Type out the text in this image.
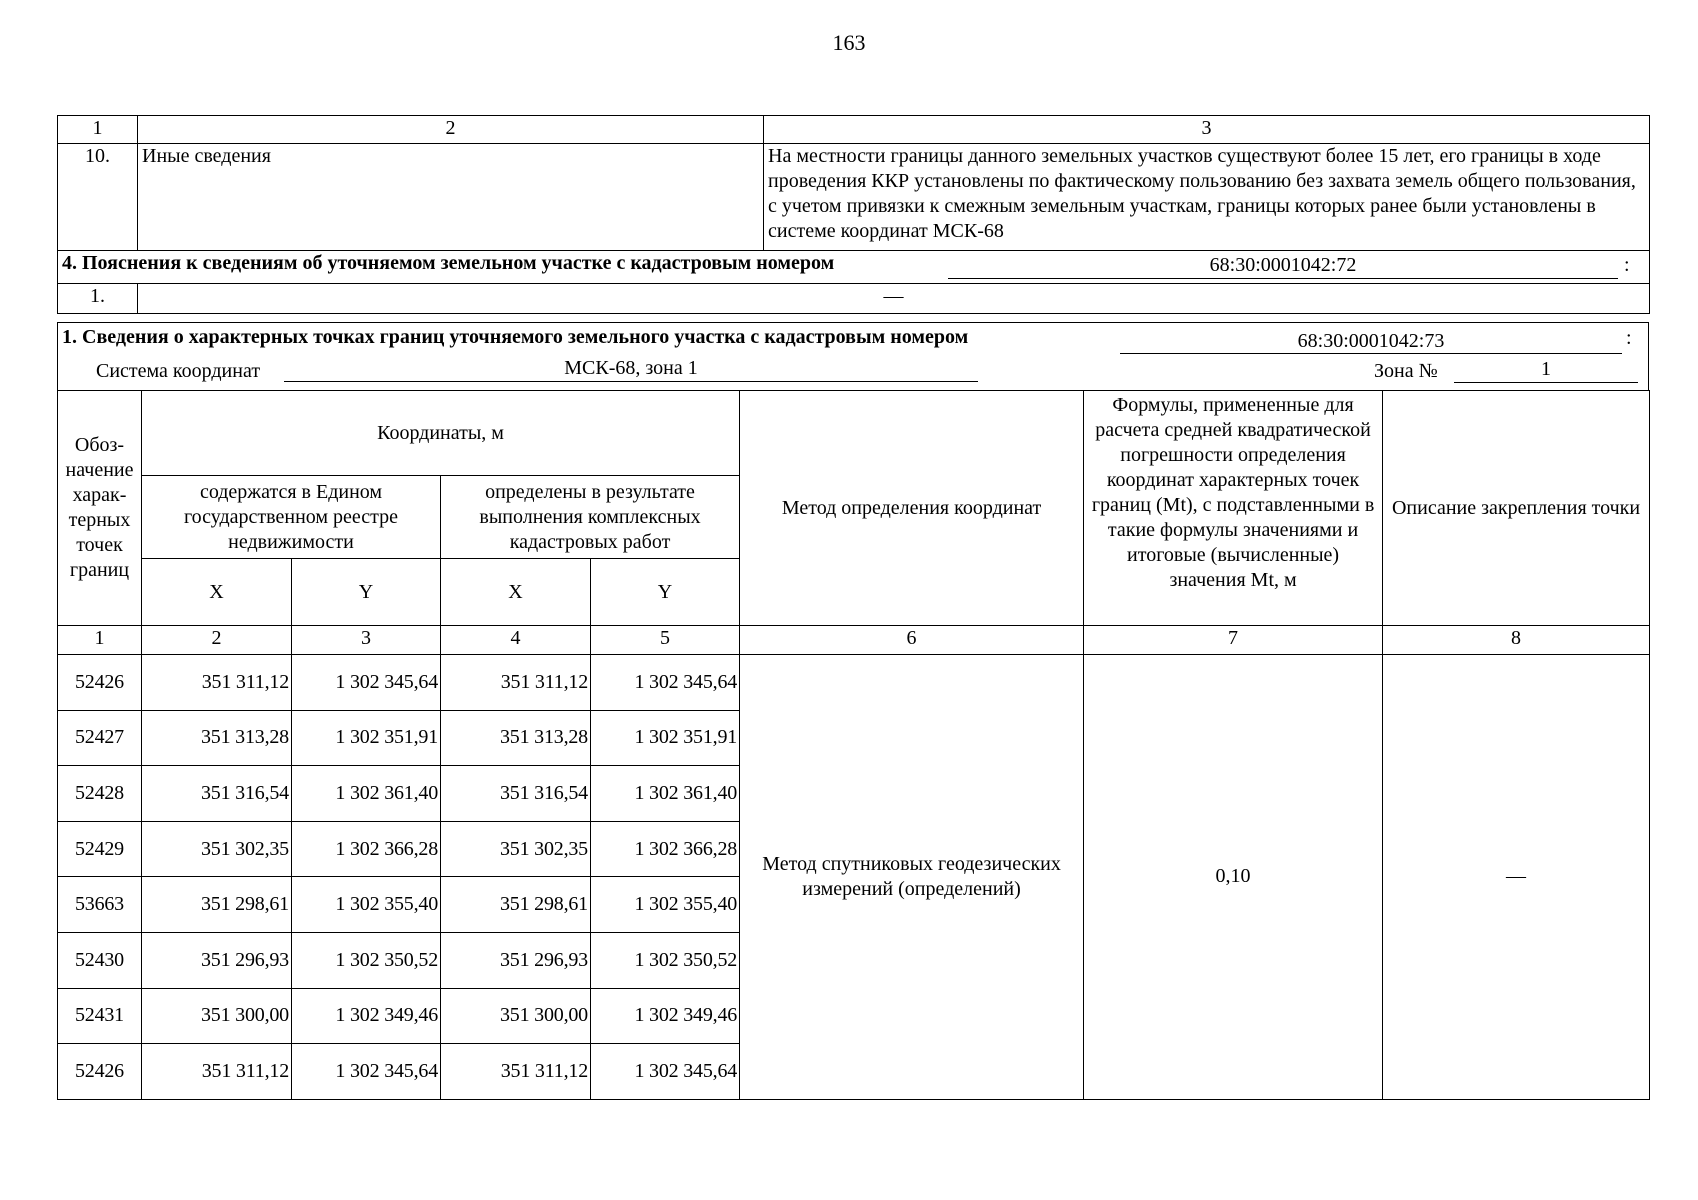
163
1	2	3
10.	Иные сведения	На местности границы данного земельных участков существуют более 15 лет, его границы в ходе проведения ККР установлены по фактическому пользованию без захвата земель общего пользования, с учетом привязки к смежным земельным участкам, границы которых ранее были установлены в системе координат МСК-68
4. Пояснения к сведениям об уточняемом земельном участке с кадастровым номером 68:30:0001042:72 :		

1.	—	
1. Сведения о характерных точках границ уточняемого земельного участка с кадастровым номером	68:30:0001042:73	:
Система координат	МСК-68, зона 1	Зона №	1
Обоз-начение харак-терных точек границ	Координаты, м				Метод определения координат	Формулы, примененные для расчета средней квадратической погрешности определения координат характерных точек границ (Mt), с подставленными в такие формулы значениями и итоговые (вычисленные) значения Mt, м	Описание закрепления точки
	содержатся в Едином государственном реестре недвижимости		определены в результате выполнения комплексных кадастровых работ				
	X	Y	X	Y			
1	2	3	4	5	6	7	8
52426	351 311,12	1 302 345,64	351 311,12	1 302 345,64	Метод спутниковых геодезических измерений (определений)	0,10	—
52427	351 313,28	1 302 351,91	351 313,28	1 302 351,91			
52428	351 316,54	1 302 361,40	351 316,54	1 302 361,40			
52429	351 302,35	1 302 366,28	351 302,35	1 302 366,28			
53663	351 298,61	1 302 355,40	351 298,61	1 302 355,40			
52430	351 296,93	1 302 350,52	351 296,93	1 302 350,52			
52431	351 300,00	1 302 349,46	351 300,00	1 302 349,46			
52426	351 311,12	1 302 345,64	351 311,12	1 302 345,64			
